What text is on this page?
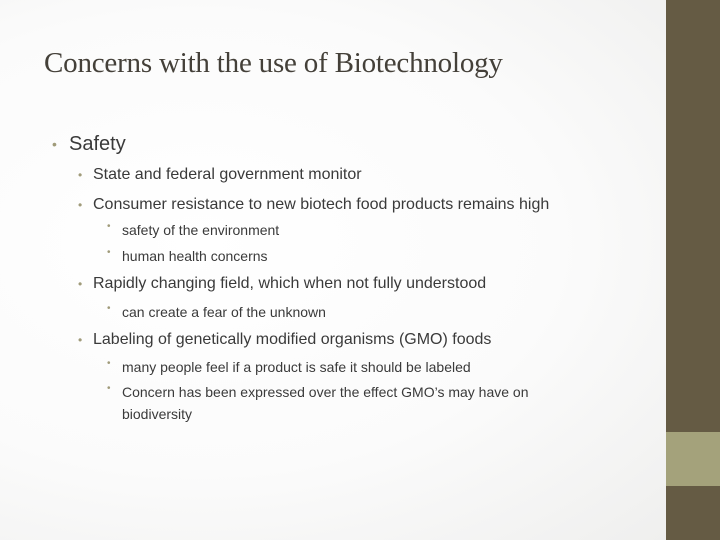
Concerns with the use of Biotechnology
• Safety
• State and federal government monitor
• Consumer resistance to new biotech food products remains high
• safety of the environment
• human health concerns
• Rapidly changing field, which when not fully understood
• can create a fear of the unknown
• Labeling of genetically modified organisms (GMO) foods
• many people feel if a product is safe it should be labeled
• Concern has been expressed over the effect GMO’s may have on
biodiversity
